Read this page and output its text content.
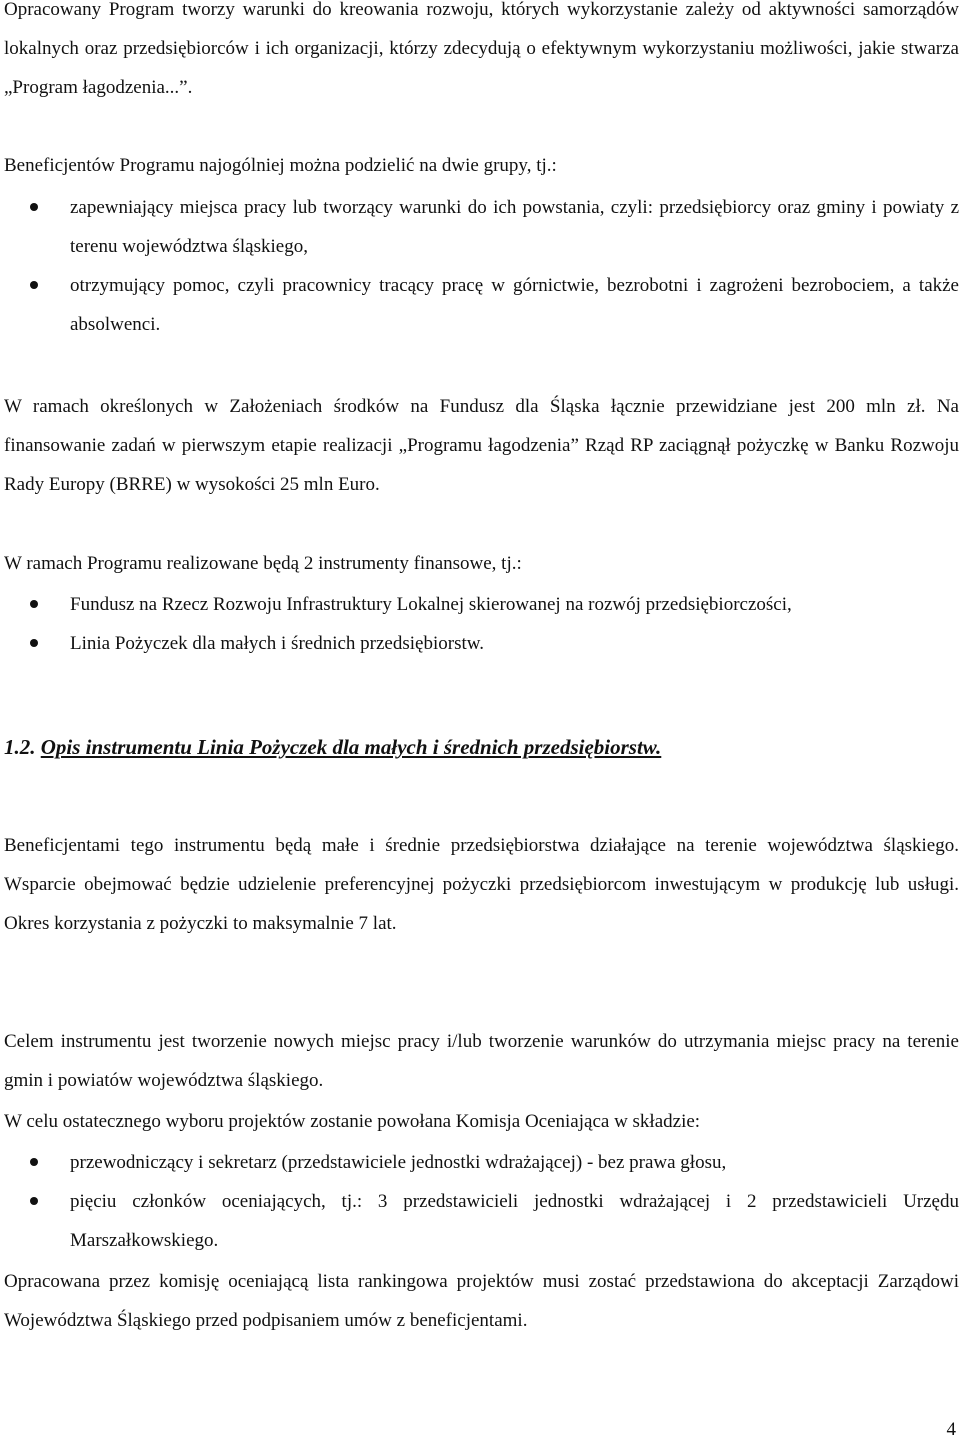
Opracowany Program tworzy warunki do kreowania rozwoju, których wykorzystanie zależy od aktywności samorządów lokalnych oraz przedsiębiorców i ich organizacji, którzy zdecydują o efektywnym wykorzystaniu możliwości, jakie stwarza „Program łagodzenia...”.

Beneficjentów Programu najogólniej można podzielić na dwie grupy, tj.:

zapewniający miejsca pracy lub tworzący warunki do ich powstania, czyli: przedsiębiorcy oraz gminy i powiaty z terenu województwa śląskiego,
otrzymujący pomoc, czyli pracownicy tracący pracę w górnictwie, bezrobotni i zagrożeni bezrobociem, a także absolwenci.

W ramach określonych w Założeniach środków na Fundusz dla Śląska łącznie przewidziane jest 200 mln zł. Na finansowanie zadań w pierwszym etapie realizacji „Programu łagodzenia” Rząd RP zaciągnął pożyczkę w Banku Rozwoju Rady Europy (BRRE) w wysokości 25 mln Euro.

W ramach Programu realizowane będą 2 instrumenty finansowe, tj.:

Fundusz na Rzecz Rozwoju Infrastruktury Lokalnej skierowanej na rozwój przedsiębiorczości,
Linia Pożyczek dla małych i średnich przedsiębiorstw.
1.2. Opis instrumentu Linia Pożyczek dla małych i średnich przedsiębiorstw.

Beneficjentami tego instrumentu będą małe i średnie przedsiębiorstwa działające na terenie województwa śląskiego. Wsparcie obejmować będzie udzielenie preferencyjnej pożyczki przedsiębiorcom inwestującym w produkcję lub usługi. Okres korzystania z pożyczki to maksymalnie 7 lat.

Celem instrumentu jest tworzenie nowych miejsc pracy i/lub tworzenie warunków do utrzymania miejsc pracy na terenie gmin i powiatów województwa śląskiego.

W celu ostatecznego wyboru projektów zostanie powołana Komisja Oceniająca w składzie:

przewodniczący i sekretarz (przedstawiciele jednostki wdrażającej) - bez prawa głosu,
pięciu członków oceniających, tj.: 3 przedstawicieli jednostki wdrażającej i 2 przedstawicieli Urzędu Marszałkowskiego.

Opracowana przez komisję oceniającą lista rankingowa projektów musi zostać przedstawiona do akceptacji Zarządowi Województwa Śląskiego przed podpisaniem umów z beneficjentami.

4
